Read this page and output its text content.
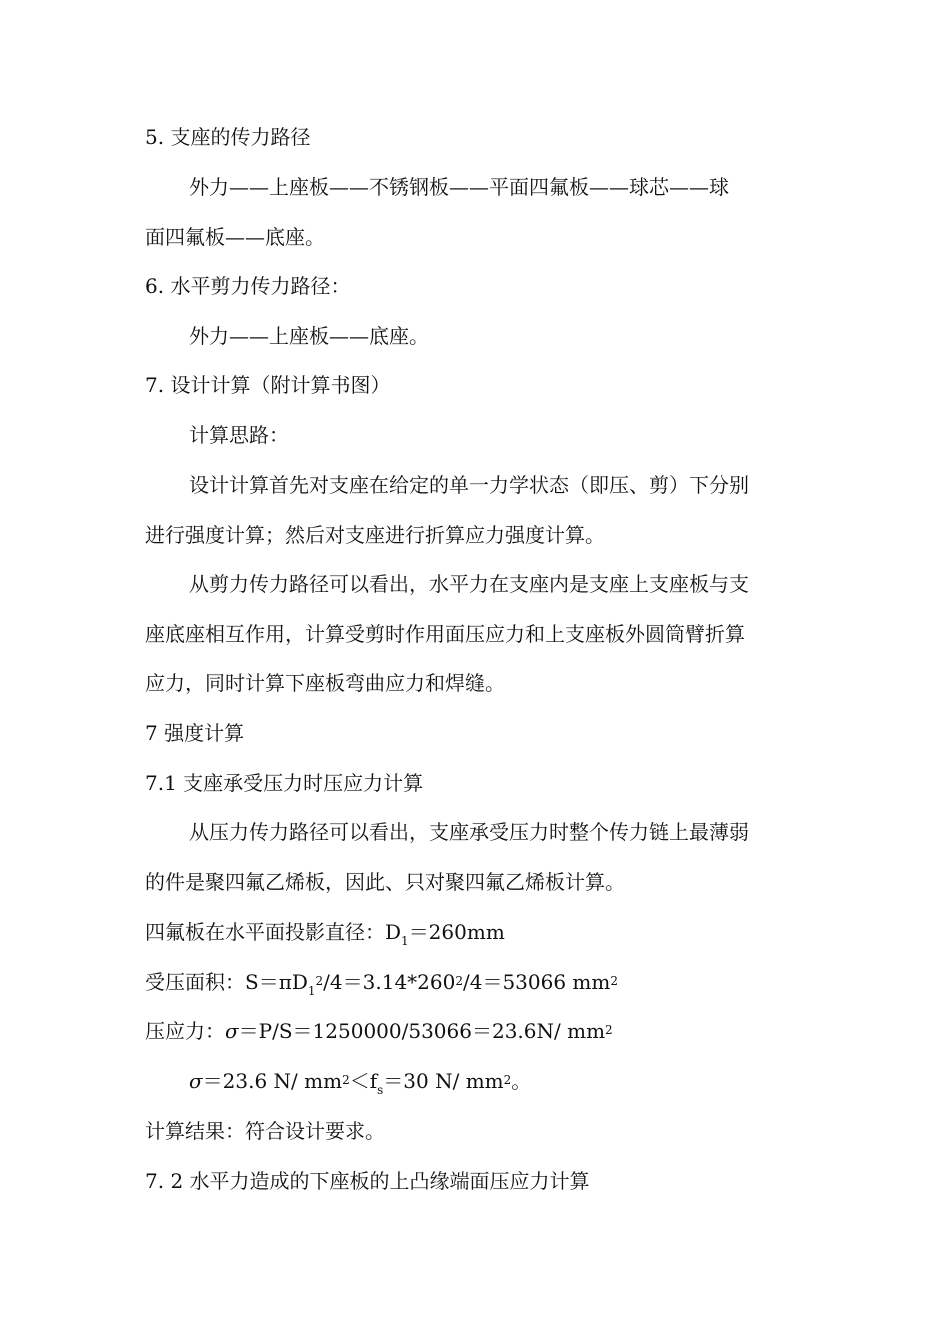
5. 支座的传力路径
外力——上座板——不锈钢板——平面四氟板——球芯——球
面四氟板——底座。
6. 水平剪力传力路径：
外力——上座板——底座。
7. 设计计算（附计算书图）
计算思路：
设计计算首先对支座在给定的单一力学状态（即压、剪）下分别
进行强度计算；然后对支座进行折算应力强度计算。
从剪力传力路径可以看出，水平力在支座内是支座上支座板与支
座底座相互作用，计算受剪时作用面压应力和上支座板外圆筒臂折算
应力，同时计算下座板弯曲应力和焊缝。
7 强度计算
7.1 支座承受压力时压应力计算
从压力传力路径可以看出，支座承受压力时整个传力链上最薄弱
的件是聚四氟乙烯板，因此、只对聚四氟乙烯板计算。
四氟板在水平面投影直径：$D_1=260mm$
受压面积：$S=\pi D_1^2/4=3.14*260^2/4=53066$ $mm^2$
压应力：σ＝P/S＝1250000/53066＝23.6N/ $mm^2$
σ＝23.6 N/ $mm^2<f_s=30$ N/ $mm^2$。
计算结果：符合设计要求。
7. 2 水平力造成的下座板的上凸缘端面压应力计算
